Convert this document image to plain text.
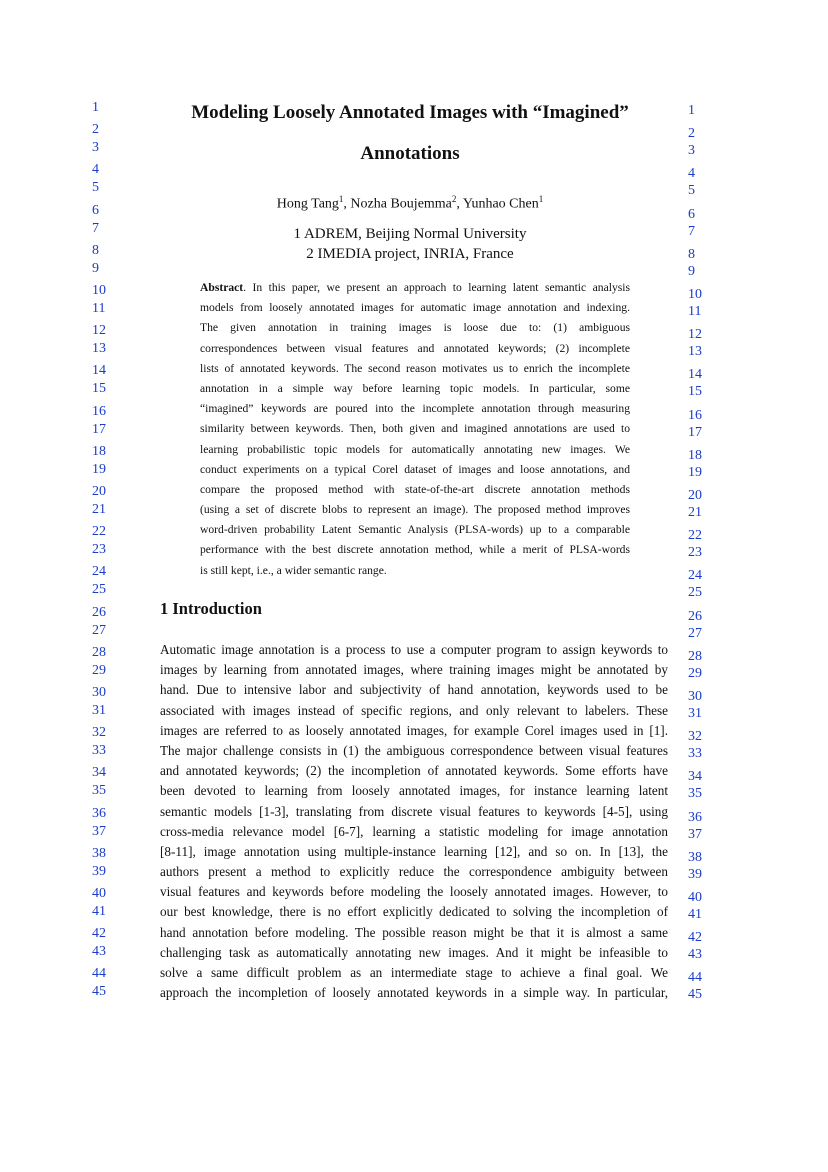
1
2
3
4
5
6
7
8
9
10
11
12
13
14
15
16
17
18
19
20
21
22
23
24
25
26
27
28
29
30
31
32
33
34
35
36
37
38
39
40
41
42
43
44
45
1
2
3
4
5
6
7
8
9
10
11
12
13
14
15
16
17
18
19
20
21
22
23
24
25
26
27
28
29
30
31
32
33
34
35
36
37
38
39
40
41
42
43
44
45
Modeling Loosely Annotated Images with “Imagined”
Annotations
Hong Tang$^1$, Nozha Boujemma$^2$, Yunhao Chen$^1$
1 ADREM, Beijing Normal University
2 IMEDIA project, INRIA, France
Abstract. In this paper, we present an approach to learning latent semantic analysis
models from loosely annotated images for automatic image annotation and indexing.
The given annotation in training images is loose due to: (1) ambiguous
correspondences between visual features and annotated keywords; (2) incomplete
lists of annotated keywords. The second reason motivates us to enrich the incomplete
annotation in a simple way before learning topic models. In particular, some
“imagined” keywords are poured into the incomplete annotation through measuring
similarity between keywords. Then, both given and imagined annotations are used to
learning probabilistic topic models for automatically annotating new images. We
conduct experiments on a typical Corel dataset of images and loose annotations, and
compare the proposed method with state-of-the-art discrete annotation methods
(using a set of discrete blobs to represent an image). The proposed method improves
word-driven probability Latent Semantic Analysis (PLSA-words) up to a comparable
performance with the best discrete annotation method, while a merit of PLSA-words
is still kept, i.e., a wider semantic range.
1 Introduction
Automatic image annotation is a process to use a computer program to assign keywords to
images by learning from annotated images, where training images might be annotated by
hand. Due to intensive labor and subjectivity of hand annotation, keywords used to be
associated with images instead of specific regions, and only relevant to labelers. These
images are referred to as loosely annotated images, for example Corel images used in [1].
The major challenge consists in (1) the ambiguous correspondence between visual features
and annotated keywords; (2) the incompletion of annotated keywords. Some efforts have
been devoted to learning from loosely annotated images, for instance learning latent
semantic models [1-3], translating from discrete visual features to keywords [4-5], using
cross-media relevance model [6-7], learning a statistic modeling for image annotation
[8-11], image annotation using multiple-instance learning [12], and so on. In [13], the
authors present a method to explicitly reduce the correspondence ambiguity between
visual features and keywords before modeling the loosely annotated images. However, to
our best knowledge, there is no effort explicitly dedicated to solving the incompletion of
hand annotation before modeling. The possible reason might be that it is almost a same
challenging task as automatically annotating new images. And it might be infeasible to
solve a same difficult problem as an intermediate stage to achieve a final goal. We
approach the incompletion of loosely annotated keywords in a simple way. In particular,
